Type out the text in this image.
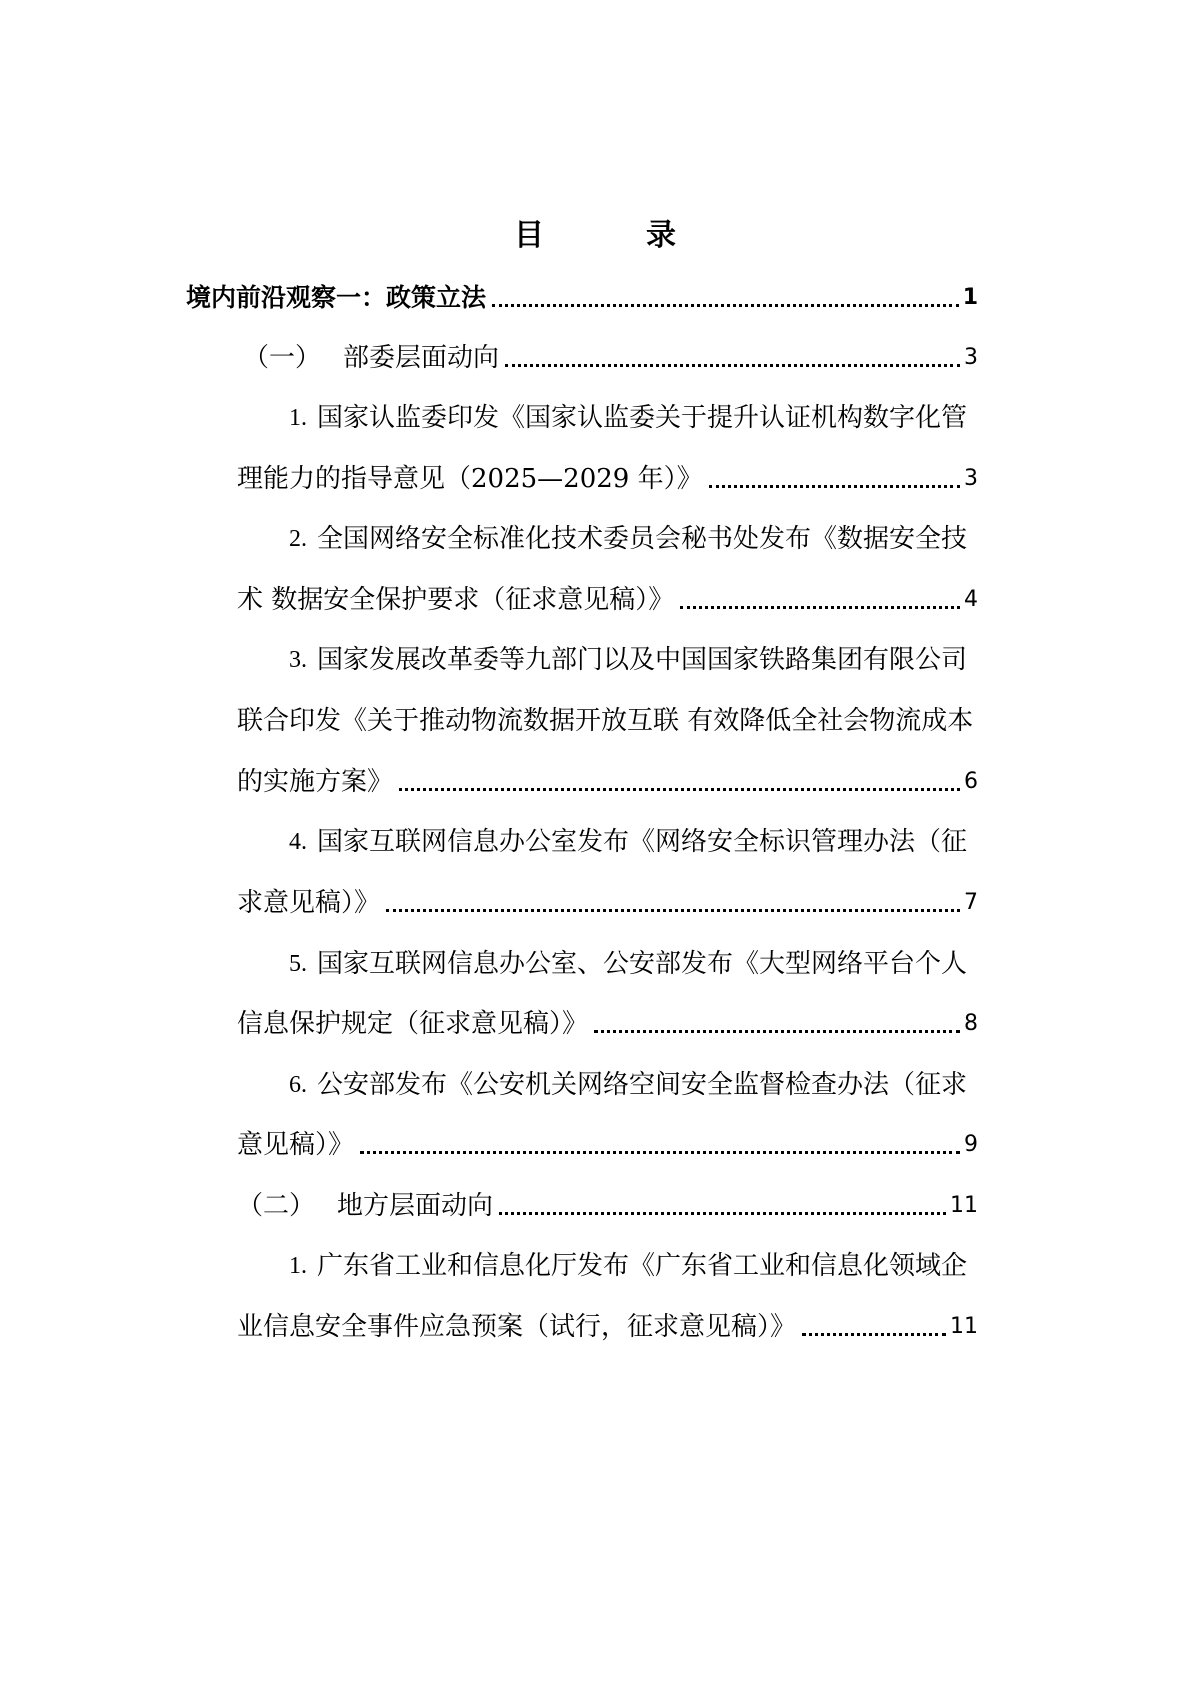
目　录
境内前沿观察一：政策立法	1
（一） 部委层面动向	3
1. 国家认监委印发《国家认监委关于提升认证机构数字化管
理能力的指导意见（2025—2029 年）》	3
2. 全国网络安全标准化技术委员会秘书处发布《数据安全技
术 数据安全保护要求（征求意见稿）》	4
3. 国家发展改革委等九部门以及中国国家铁路集团有限公司
联合印发《关于推动物流数据开放互联 有效降低全社会物流成本
的实施方案》	6
4. 国家互联网信息办公室发布《网络安全标识管理办法（征
求意见稿）》	7
5. 国家互联网信息办公室、公安部发布《大型网络平台个人
信息保护规定（征求意见稿）》	8
6. 公安部发布《公安机关网络空间安全监督检查办法（征求
意见稿）》	9
（二） 地方层面动向	11
1. 广东省工业和信息化厅发布《广东省工业和信息化领域企
业信息安全事件应急预案（试行，征求意见稿）》	11
